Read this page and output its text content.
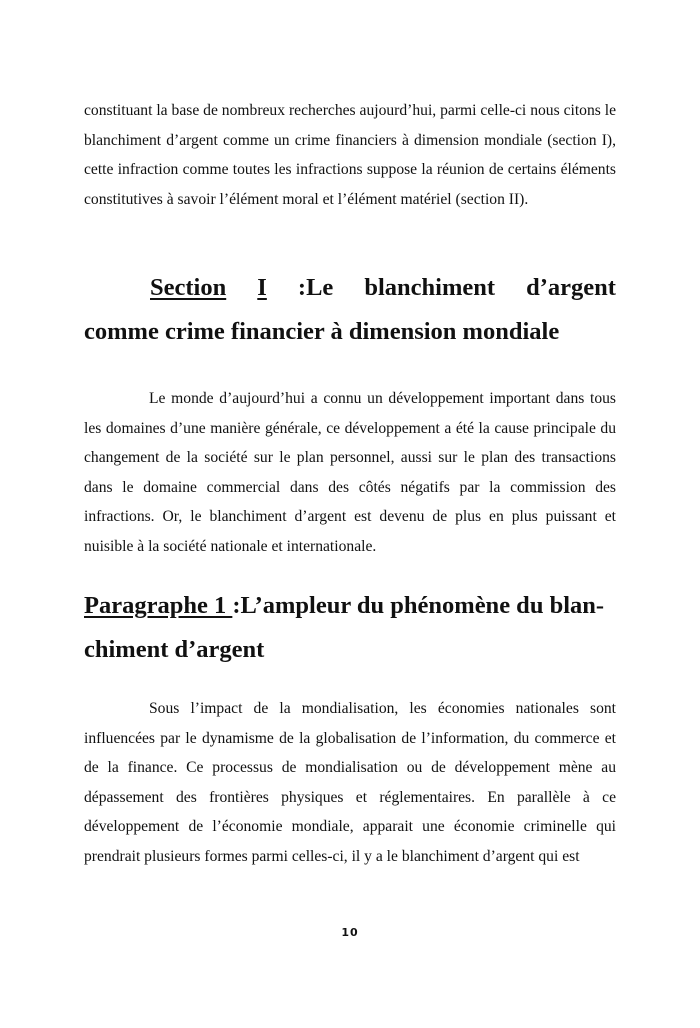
constituant la base de nombreux recherches aujourd’hui, parmi celle-ci nous citons le blanchiment d’argent comme un crime financiers à dimension mondiale (section I), cette infraction comme toutes les infractions suppose la réunion de certains éléments constitutives à savoir l’élément moral et l’élément matériel (section II).

Section I :Le blanchiment d’argent
comme crime financier à dimension mondiale

Le monde d’aujourd’hui a connu un développement important dans tous les domaines d’une manière générale, ce développement a été la cause principale du changement de la société sur le plan personnel, aussi sur le plan des transactions dans le domaine commercial dans des côtés négatifs par la commission des infractions. Or, le blanchiment d’argent est devenu de plus en plus puissant et nuisible à la société nationale et internationale.

Paragraphe 1 :L’ampleur du phénomène du blan-
chiment d’argent

Sous l’impact de la mondialisation, les économies nationales sont influencées par le dynamisme de la globalisation de l’information, du commerce et de la finance. Ce processus de mondialisation ou de développement mène au dépassement des frontières physiques et réglementaires. En parallèle à ce développement de l’économie mondiale, apparait une économie criminelle qui prendrait plusieurs formes parmi celles-ci, il y a le blanchiment d’argent qui est

10
